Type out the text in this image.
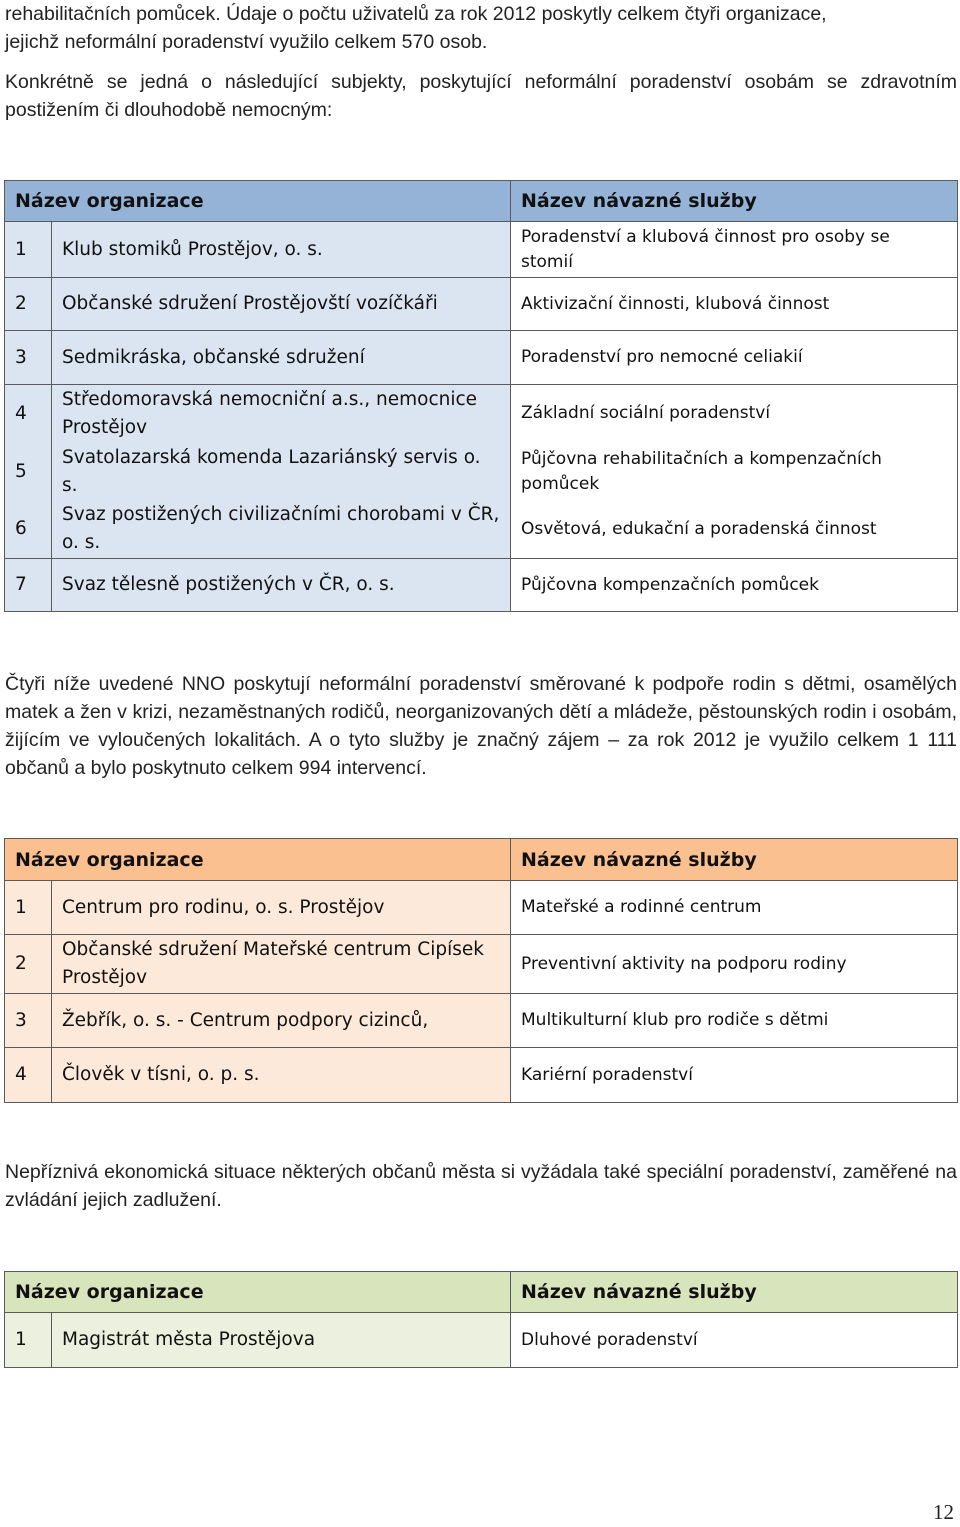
rehabilitačních pomůcek. Údaje o počtu uživatelů za rok 2012 poskytly celkem čtyři organizace,

jejichž neformální poradenství využilo celkem 570 osob.

Konkrétně se jedná o následující subjekty, poskytující neformální poradenství osobám se zdravotním postižením či dlouhodobě nemocným:

Název organizace		Název návazné služby
1	Klub stomiků Prostějov, o. s.	Poradenství a klubová činnost pro osoby se stomií
2	Občanské sdružení Prostějovští vozíčkáři	Aktivizační činnosti, klubová činnost
3	Sedmikráska, občanské sdružení	Poradenství pro nemocné celiakií
4	Středomoravská nemocniční a.s., nemocnice Prostějov	Základní sociální poradenství
5	Svatolazarská komenda Lazariánský servis o. s.	Půjčovna rehabilitačních a kompenzačních pomůcek
6	Svaz postižených civilizačními chorobami v ČR, o. s.	Osvětová, edukační a poradenská činnost
7	Svaz tělesně postižených v ČR, o. s.	Půjčovna kompenzačních pomůcek

Čtyři níže uvedené NNO poskytují neformální poradenství směrované k podpoře rodin s dětmi, osamělých matek a žen v krizi, nezaměstnaných rodičů, neorganizovaných dětí a mládeže, pěstounských rodin i osobám, žijícím ve vyloučených lokalitách. A o tyto služby je značný zájem – za rok 2012 je využilo celkem 1 111 občanů a bylo poskytnuto celkem 994 intervencí.

Název organizace		Název návazné služby
1	Centrum pro rodinu, o. s. Prostějov	Mateřské a rodinné centrum
2	Občanské sdružení Mateřské centrum Cipísek Prostějov	Preventivní aktivity na podporu rodiny
3	Žebřík, o. s. - Centrum podpory cizinců,	Multikulturní klub pro rodiče s dětmi
4	Člověk v tísni, o. p. s.	Kariérní poradenství

Nepříznivá ekonomická situace některých občanů města si vyžádala také speciální poradenství, zaměřené na zvládání jejich zadlužení.

Název organizace		Název návazné služby
1	Magistrát města Prostějova	Dluhové poradenství
12
